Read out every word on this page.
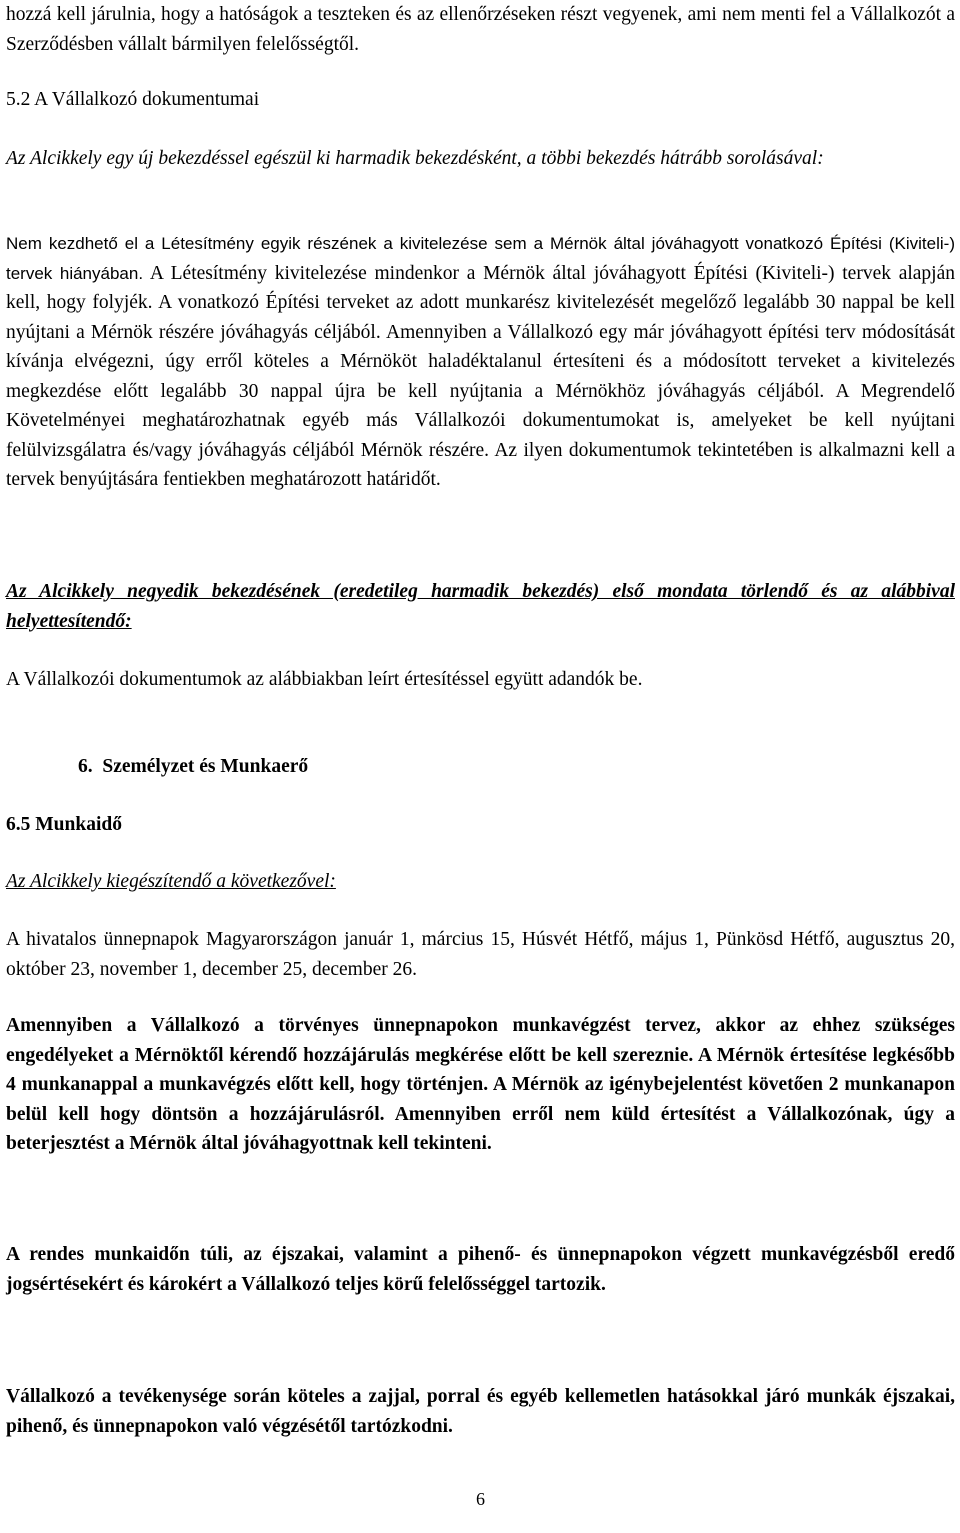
hozzá kell járulnia, hogy a hatóságok a teszteken és az ellenőrzéseken részt vegyenek, ami nem menti fel a Vállalkozót a Szerződésben vállalt bármilyen felelősségtől.

5.2 A Vállalkozó dokumentumai

Az Alcikkely egy új bekezdéssel egészül ki harmadik bekezdésként, a többi bekezdés hátrább sorolásával:

Nem kezdhető el a Létesítmény egyik részének a kivitelezése sem a Mérnök által jóváhagyott vonatkozó Építési (Kiviteli-) tervek hiányában. A Létesítmény kivitelezése mindenkor a Mérnök által jóváhagyott Építési (Kiviteli-) tervek alapján kell, hogy folyjék. A vonatkozó Építési terveket az adott munkarész kivitelezését megelőző legalább 30 nappal be kell nyújtani a Mérnök részére jóváhagyás céljából. Amennyiben a Vállalkozó egy már jóváhagyott építési terv módosítását kívánja elvégezni, úgy erről köteles a Mérnököt haladéktalanul értesíteni és a módosított terveket a kivitelezés megkezdése előtt legalább 30 nappal újra be kell nyújtania a Mérnökhöz jóváhagyás céljából. A Megrendelő Követelményei meghatározhatnak egyéb más Vállalkozói dokumentumokat is, amelyeket be kell nyújtani felülvizsgálatra és/vagy jóváhagyás céljából Mérnök részére. Az ilyen dokumentumok tekintetében is alkalmazni kell a tervek benyújtására fentiekben meghatározott határidőt.

Az Alcikkely negyedik bekezdésének (eredetileg harmadik bekezdés) első mondata törlendő és az alábbival helyettesítendő:

A Vállalkozói dokumentumok az alábbiakban leírt értesítéssel együtt adandók be.

6.  Személyzet és Munkaerő

6.5 Munkaidő

Az Alcikkely kiegészítendő a következővel:

A hivatalos ünnepnapok Magyarországon január 1, március 15, Húsvét Hétfő, május 1, Pünkösd Hétfő, augusztus 20, október 23, november 1, december 25, december 26.

Amennyiben a Vállalkozó a törvényes ünnepnapokon munkavégzést tervez, akkor az ehhez szükséges engedélyeket a Mérnöktől kérendő hozzájárulás megkérése előtt be kell szereznie. A Mérnök értesítése legkésőbb 4 munkanappal a munkavégzés előtt kell, hogy történjen. A Mérnök az igénybejelentést követően 2 munkanapon belül kell hogy döntsön a hozzájárulásról. Amennyiben erről nem küld értesítést a Vállalkozónak, úgy a beterjesztést a Mérnök által jóváhagyottnak kell tekinteni.

A rendes munkaidőn túli, az éjszakai, valamint a pihenő- és ünnepnapokon végzett munkavégzésből eredő jogsértésekért és károkért a Vállalkozó teljes körű felelősséggel tartozik.

Vállalkozó a tevékenysége során köteles a zajjal, porral és egyéb kellemetlen hatásokkal járó munkák éjszakai, pihenő, és ünnepnapokon való végzésétől tartózkodni.

6
